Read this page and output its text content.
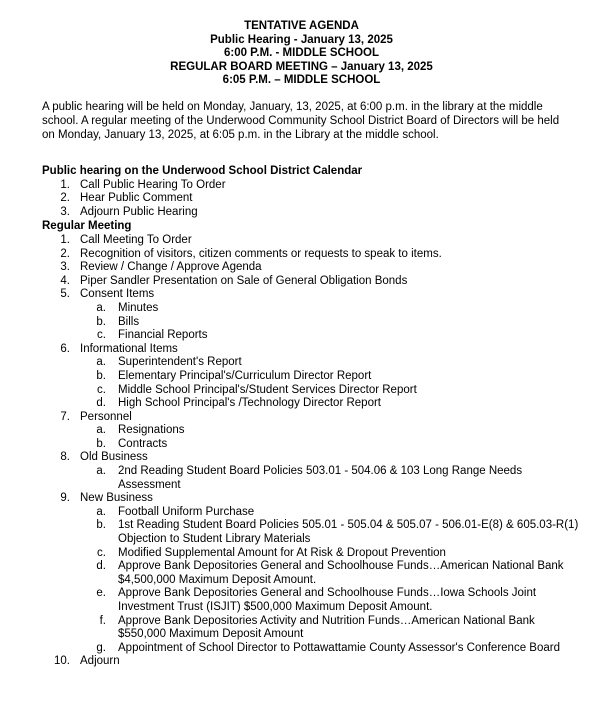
TENTATIVE AGENDA
Public Hearing - January 13, 2025
6:00 P.M. - MIDDLE SCHOOL
REGULAR BOARD MEETING – January 13, 2025
6:05 P.M. – MIDDLE SCHOOL
A public hearing will be held on Monday, January, 13, 2025, at 6:00 p.m. in the library at the middle school. A regular meeting of the Underwood Community School District Board of Directors will be held on Monday, January 13, 2025, at 6:05 p.m. in the Library at the middle school.
Public hearing on the Underwood School District Calendar
1. Call Public Hearing To Order
2. Hear Public Comment
3. Adjourn Public Hearing
Regular Meeting
1. Call Meeting To Order
2. Recognition of visitors, citizen comments or requests to speak to items.
3. Review / Change / Approve Agenda
4. Piper Sandler Presentation on Sale of General Obligation Bonds
5. Consent Items
a. Minutes
b. Bills
c. Financial Reports
6. Informational Items
a. Superintendent's Report
b. Elementary Principal's/Curriculum Director Report
c. Middle School Principal's/Student Services Director Report
d. High School Principal's /Technology Director Report
7. Personnel
a. Resignations
b. Contracts
8. Old Business
a. 2nd Reading Student Board Policies 503.01 - 504.06 & 103 Long Range Needs Assessment
9. New Business
a. Football Uniform Purchase
b. 1st Reading Student Board Policies 505.01 - 505.04 & 505.07 - 506.01-E(8) & 605.03-R(1) Objection to Student Library Materials
c. Modified Supplemental Amount for At Risk & Dropout Prevention
d. Approve Bank Depositories General and Schoolhouse Funds…American National Bank $4,500,000 Maximum Deposit Amount.
e. Approve Bank Depositories General and Schoolhouse Funds…Iowa Schools Joint Investment Trust (ISJIT) $500,000 Maximum Deposit Amount.
f. Approve Bank Depositories Activity and Nutrition Funds…American National Bank $550,000 Maximum Deposit Amount
g. Appointment of School Director to Pottawattamie County Assessor's Conference Board
10. Adjourn
